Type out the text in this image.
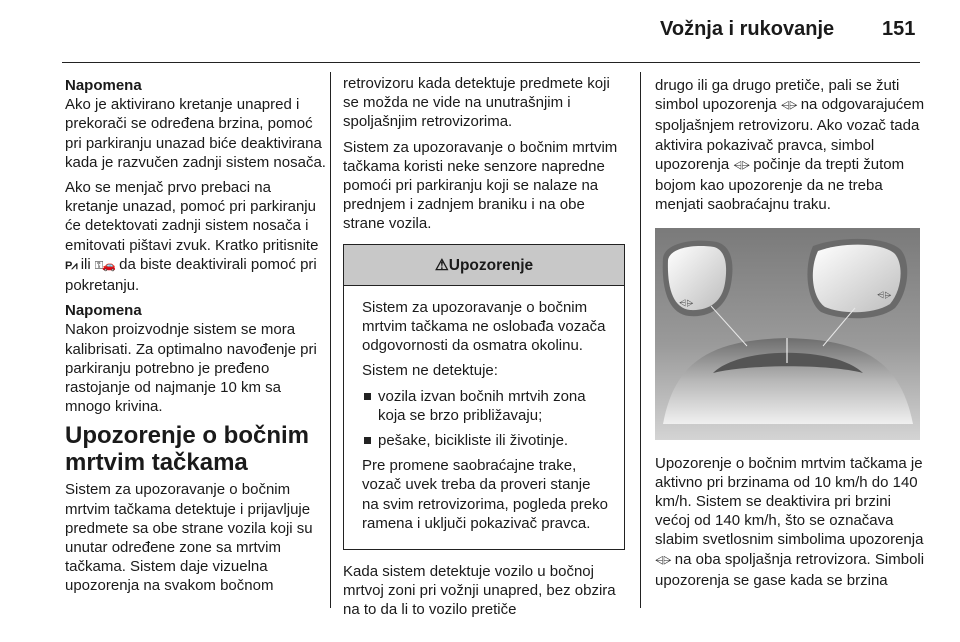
Vožnja i rukovanje 151

Napomena

Ako je aktivirano kretanje unapred i prekorači se određena brzina, pomoć pri parkiranju unazad biće deaktivirana kada je razvučen zadnji sistem nosača.

Ako se menjač prvo prebaci na kretanje unazad, pomoć pri parkiranju će detektovati zadnji sistem nosača i emitovati pištavi zvuk. Kratko pritisnite P⩘ ili ⚿🚗 da biste deaktivirali pomoć pri pokretanju.

Napomena

Nakon proizvodnje sistem se mora kalibrisati. Za optimalno navođenje pri parkiranju potrebno je pređeno rastojanje od najmanje 10 km sa mnogo krivina.

Upozorenje o bočnim mrtvim tačkama

Sistem za upozoravanje o bočnim mrtvim tačkama detektuje i prijavljuje predmete sa obe strane vozila koji su unutar određene zone sa mrtvim tačkama. Sistem daje vizuelna upozorenja na svakom bočnom

retrovizoru kada detektuje predmete koji se možda ne vide na unutrašnjim i spoljašnjim retrovizorima.

Sistem za upozoravanje o bočnim mrtvim tačkama koristi neke senzore napredne pomoći pri parkiranju koji se nalaze na prednjem i zadnjem braniku i na obe strane vozila.

⚠Upozorenje

Sistem za upozoravanje o bočnim mrtvim tačkama ne oslobađa vozača odgovornosti da osmatra okolinu.

Sistem ne detektuje:

vozila izvan bočnih mrtvih zona koja se brzo približavaju;

pešake, bicikliste ili životinje.

Pre promene saobraćajne trake, vozač uvek treba da proveri stanje na svim retrovizorima, pogleda preko ramena i uključi pokazivač pravca.

Kada sistem detektuje vozilo u bočnoj mrtvoj zoni pri vožnji unapred, bez obzira na to da li to vozilo pretiče

drugo ili ga drugo pretiče, pali se žuti simbol upozorenja ⩤⩥ na odgovarajućem spoljašnjem retrovizoru. Ako vozač tada aktivira pokazivač pravca, simbol upozorenja ⩤⩥ počinje da trepti žutom bojom kao upozorenje da ne treba menjati saobraćajnu traku.

⩤⩥
⩤⩥

Upozorenje o bočnim mrtvim tačkama je aktivno pri brzinama od 10 km/h do 140 km/h. Sistem se deaktivira pri brzini većoj od 140 km/h, što se označava slabim svetlosnim simbolima upozorenja ⩤⩥ na oba spoljašnja retrovizora. Simboli upozorenja se gase kada se brzina
